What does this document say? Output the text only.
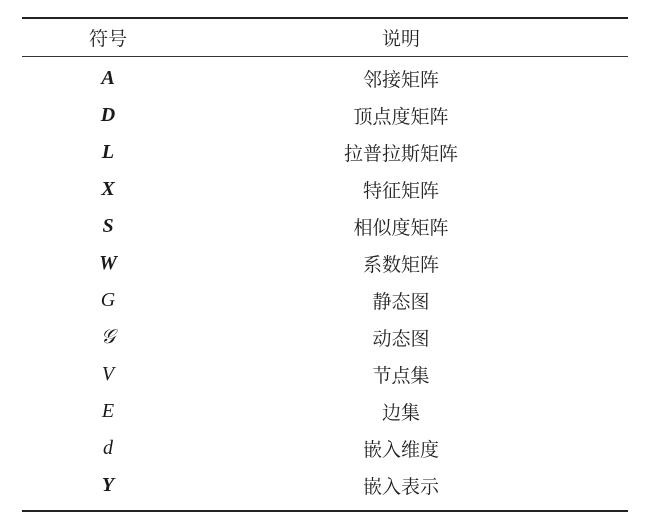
符号	说明
A	邻接矩阵
D	顶点度矩阵
L	拉普拉斯矩阵
X	特征矩阵
S	相似度矩阵
W	系数矩阵
G	静态图
𝒢	动态图
V	节点集
E	边集
d	嵌入维度
Y	嵌入表示
